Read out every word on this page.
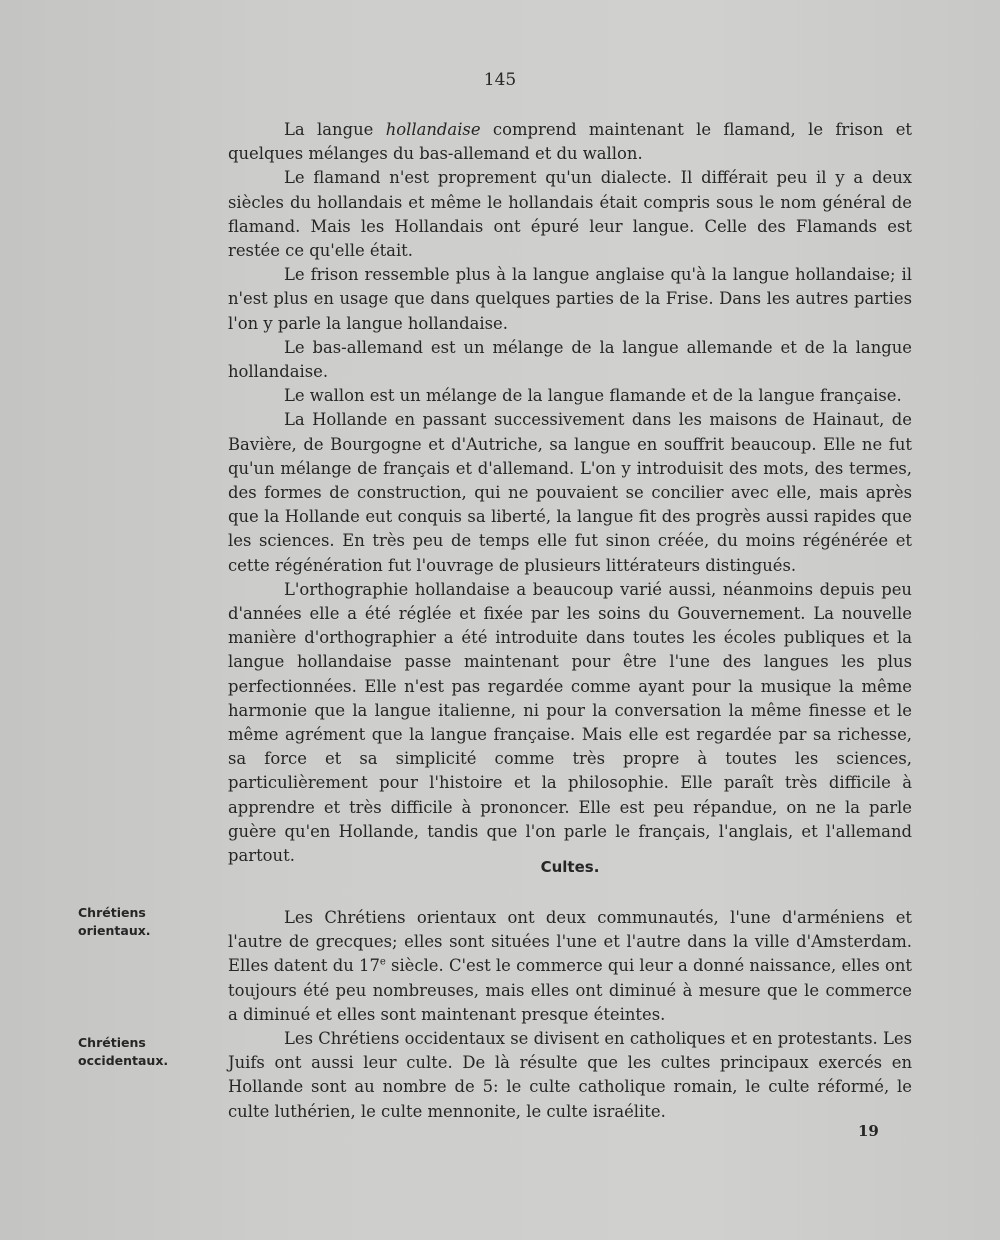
145

La langue hollandaise comprend maintenant le flamand, le frison et quelques mélanges du bas-allemand et du wallon.

Le flamand n'est proprement qu'un dialecte. Il différait peu il y a deux siècles du hollandais et même le hollandais était compris sous le nom général de flamand. Mais les Hollandais ont épuré leur langue. Celle des Flamands est restée ce qu'elle était.

Le frison ressemble plus à la langue anglaise qu'à la langue hollandaise; il n'est plus en usage que dans quelques parties de la Frise. Dans les autres parties l'on y parle la langue hollandaise.

Le bas-allemand est un mélange de la langue allemande et de la langue hollandaise.

Le wallon est un mélange de la langue flamande et de la langue française.

La Hollande en passant successivement dans les maisons de Hainaut, de Bavière, de Bourgogne et d'Autriche, sa langue en souffrit beaucoup. Elle ne fut qu'un mélange de français et d'allemand. L'on y introduisit des mots, des termes, des formes de construction, qui ne pouvaient se concilier avec elle, mais après que la Hollande eut conquis sa liberté, la langue fit des progrès aussi rapides que les sciences. En très peu de temps elle fut sinon créée, du moins régénérée et cette régénération fut l'ouvrage de plusieurs littérateurs distingués.

L'orthographie hollandaise a beaucoup varié aussi, néanmoins depuis peu d'années elle a été réglée et fixée par les soins du Gouvernement. La nouvelle manière d'orthographier a été introduite dans toutes les écoles publiques et la langue hollandaise passe maintenant pour être l'une des langues les plus perfectionnées. Elle n'est pas regardée comme ayant pour la musique la même harmonie que la langue italienne, ni pour la conversation la même finesse et le même agrément que la langue française. Mais elle est regardée par sa richesse, sa force et sa simplicité comme très propre à toutes les sciences, particulièrement pour l'histoire et la philosophie. Elle paraît très difficile à apprendre et très difficile à prononcer. Elle est peu répandue, on ne la parle guère qu'en Hollande, tandis que l'on parle le français, l'anglais, et l'allemand partout.

Cultes.

Les Chrétiens orientaux ont deux communautés, l'une d'arméniens et l'autre de grecques; elles sont situées l'une et l'autre dans la ville d'Amsterdam. Elles datent du 17e siècle. C'est le commerce qui leur a donné naissance, elles ont toujours été peu nombreuses, mais elles ont diminué à mesure que le commerce a diminué et elles sont maintenant presque éteintes.

Les Chrétiens occidentaux se divisent en catholiques et en protestants. Les Juifs ont aussi leur culte. De là résulte que les cultes principaux exercés en Hollande sont au nombre de 5: le culte catholique romain, le culte réformé, le culte luthérien, le culte mennonite, le culte israélite.

Chrétiens orientaux.
Chrétiens occidentaux.
19
